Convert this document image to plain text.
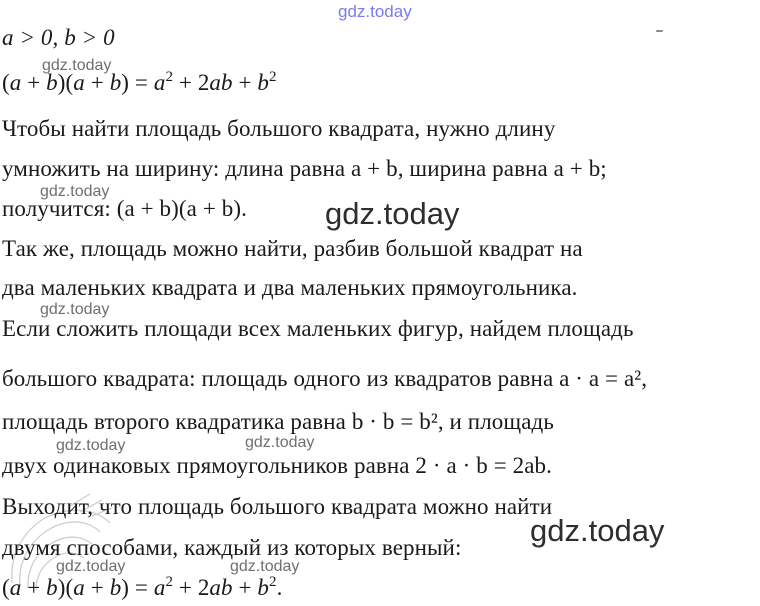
gdz.today
gdz.today
gdz.today
gdz.today
gdz.today
gdz.today	gdz.today
gdz.today
gdz.today	gdz.today
a > 0, b > 0
$(a + b)(a + b) = a^2 + 2ab + b^2$
Чтобы найти площадь большого квадрата, нужно длину
умножить на ширину: длина равна a + b, ширина равна a + b;
получится: (a + b)(a + b).
Так же, площадь можно найти, разбив большой квадрат на
два маленьких квадрата и два маленьких прямоугольника.
Если сложить площади всех маленьких фигур, найдем площадь
большого квадрата: площадь одного из квадратов равна a · a = a²,
площадь второго квадратика равна b · b = b², и площадь
двух одинаковых прямоугольников равна 2 · a · b = 2ab.
Выходит, что площадь большого квадрата можно найти
двумя способами, каждый из которых верный:
$(a + b)(a + b) = a^2 + 2ab + b^2$.
